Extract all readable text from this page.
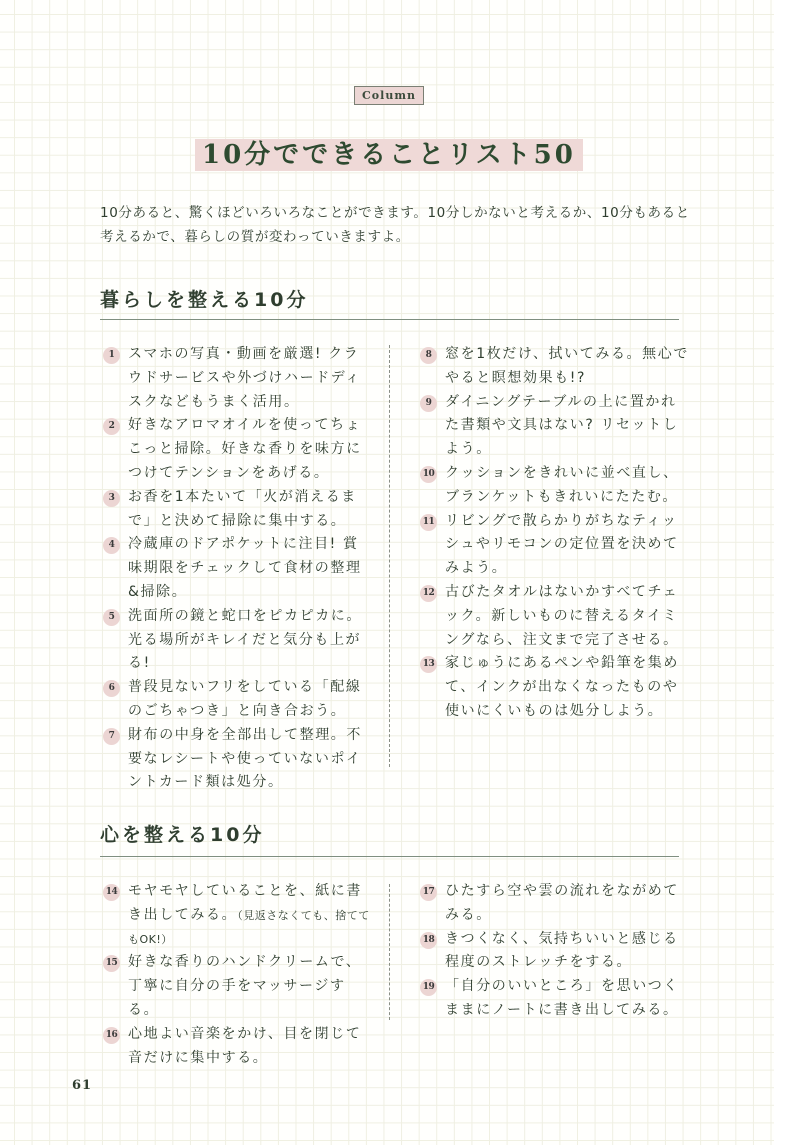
Column
10分でできることリスト50
10分あると、驚くほどいろいろなことができます。10分しかないと考えるか、10分もあると考えるかで、暮らしの質が変わっていきますよ。
暮らしを整える10分
1 スマホの写真・動画を厳選! クラウドサービスや外づけハードディスクなどもうまく活用。
2 好きなアロマオイルを使ってちょこっと掃除。好きな香りを味方につけてテンションをあげる。
3 お香を1本たいて「火が消えるまで」と決めて掃除に集中する。
4 冷蔵庫のドアポケットに注目! 賞味期限をチェックして食材の整理&掃除。
5 洗面所の鏡と蛇口をピカピカに。光る場所がキレイだと気分も上がる!
6 普段見ないフリをしている「配線のごちゃつき」と向き合おう。
7 財布の中身を全部出して整理。不要なレシートや使っていないポイントカード類は処分。
8 窓を1枚だけ、拭いてみる。無心でやると瞑想効果も!?
9 ダイニングテーブルの上に置かれた書類や文具はない? リセットしよう。
10 クッションをきれいに並べ直し、ブランケットもきれいにたたむ。
11 リビングで散らかりがちなティッシュやリモコンの定位置を決めてみよう。
12 古びたタオルはないかすべてチェック。新しいものに替えるタイミングなら、注文まで完了させる。
13 家じゅうにあるペンや鉛筆を集めて、インクが出なくなったものや使いにくいものは処分しよう。
心を整える10分
14 モヤモヤしていることを、紙に書き出してみる。（見返さなくても、捨ててもOK!）
15 好きな香りのハンドクリームで、丁寧に自分の手をマッサージする。
16 心地よい音楽をかけ、目を閉じて音だけに集中する。
17 ひたすら空や雲の流れをながめてみる。
18 きつくなく、気持ちいいと感じる程度のストレッチをする。
19 「自分のいいところ」を思いつくままにノートに書き出してみる。
61
